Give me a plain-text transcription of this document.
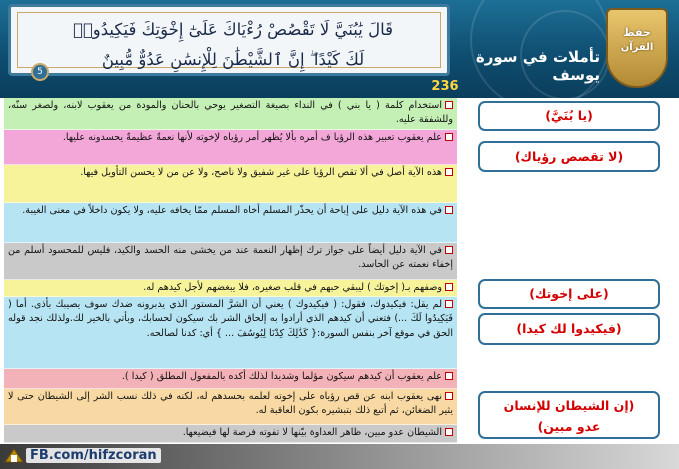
قَالَ يَٰبُنَيَّ لَا تَقْصُصْ رُءْيَاكَ عَلَىٰٓ إِخْوَتِكَ فَيَكِيدُوا۟
لَكَ كَيْدًا ۖ إِنَّ ٱلشَّيْطَٰنَ لِلْإِنسَٰنِ عَدُوٌّ مُّبِينٌ
5
تأملات في سورة يوسف
236
حفظ
القرآن
استخدام كلمة ( يا بني ) في النداء بصيغة التصغير يوحي بالحنان والمودة من يعقوب لابنه، ولصغر سنّه، وللشفقة عليه.
علم يعقوب تعبير هذه الرؤيا ف أمره بألا يُظهر أمر رؤياه لإخوته لأنها نعمةٌ عظيمةٌ يحسدونه عليها.
هذه الآية أصل في ألا تقص الرؤيا على غير شفيق ولا ناصح، ولا عن من لا يحسن التأويل فيها.
في هذه الآية دليل على إباحة أن يحذّر المسلم أخاه المسلم ممّا يخافه عليه، ولا يكون داخلاً في معنى الغيبة.
في الآية دليل أيضاً على جواز ترك إظهار النعمة عند من يخشى منه الحسد والكيد، فليس للمحسود أسلم من إخفاء نعمته عن الحاسد.
وصفهم بـ( إخوتك ) ليبقي حبهم في قلب صغيره، فلا يبغضهم لأجل كيدهم له.
لم يقل: فيكيدوك، فقول: ( فيكيدوك ) يعني أن الشرَّ المستور الذي يدبرونه ضدك سوف يصيبك بأذى. أما ( فَيَكِيدُوا لَكَ ...) فتعني أن كيدهم الذي أرادوا به إلحاق الشر بك سيكون لحسابك، وبأتي بالخير لك.ولذلك نجد قوله الحق في موقع آخر بنفس السورة:{ كَذَٰلِكَ كِدْنَا لِيُوسُفَ ... } أي: كدنا لصالحه.
علم يعقوب أن كيدهم سيكون مؤلما وشديدا لذلك أكده بالمفعول المطلق ( كيدا ).
نهى يعقوب ابنه عن قص رؤياه على إخوته لعلمه بحسدهم له، لكنه في ذلك نسب الشر إلى الشيطان حتى لا يثير الضغائن، ثم أتبع ذلك بتبشيره بكون العاقبة له.
الشيطان عدو مبين، ظاهر العداوة بيّنها لا تفوته فرصة لها فيضيعها.
(يا بُنَيَّ)
(لا تقصص رؤياك)
(على إخوتك)
(فيكيدوا لك كيدا)
(إن الشيطان للإنسان عدو مبين)
FB.com/hifzcoran
